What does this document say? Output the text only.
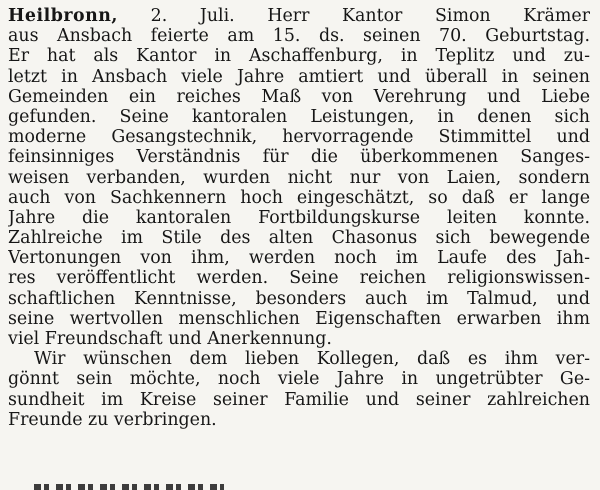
Heilbronn, 2. Juli. Herr Kantor Simon Krämer
aus Ansbach feierte am 15. ds. seinen 70. Geburtstag.
Er hat als Kantor in Aschaffenburg, in Teplitz und zu-
letzt in Ansbach viele Jahre amtiert und überall in seinen
Gemeinden ein reiches Maß von Verehrung und Liebe
gefunden. Seine kantoralen Leistungen, in denen sich
moderne Gesangstechnik, hervorragende Stimmittel und
feinsinniges Verständnis für die überkommenen Sanges-
weisen verbanden, wurden nicht nur von Laien, sondern
auch von Sachkennern hoch eingeschätzt, so daß er lange
Jahre die kantoralen Fortbildungskurse leiten konnte.
Zahlreiche im Stile des alten Chasonus sich bewegende
Vertonungen von ihm, werden noch im Laufe des Jah-
res veröffentlicht werden. Seine reichen religionswissen-
schaftlichen Kenntnisse, besonders auch im Talmud, und
seine wertvollen menschlichen Eigenschaften erwarben ihm
viel Freundschaft und Anerkennung.
Wir wünschen dem lieben Kollegen, daß es ihm ver-
gönnt sein möchte, noch viele Jahre in ungetrübter Ge-
sundheit im Kreise seiner Familie und seiner zahlreichen
Freunde zu verbringen.
